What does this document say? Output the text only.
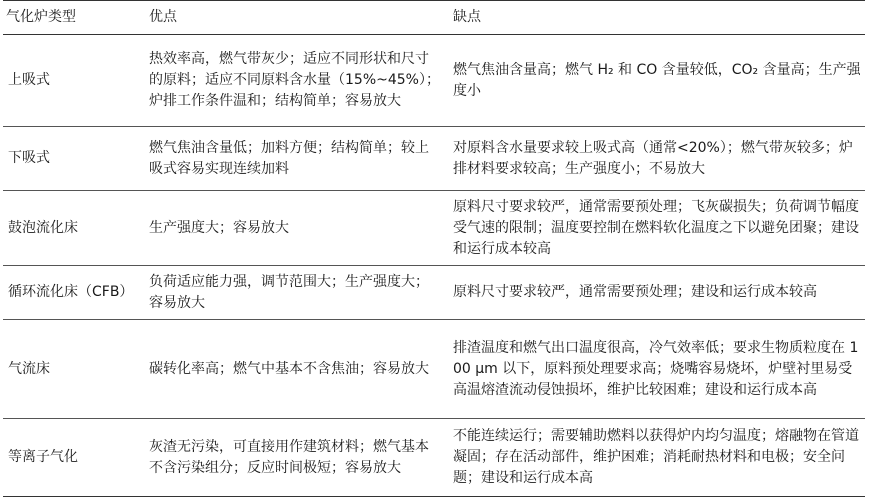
气化炉类型	优点	缺点
上吸式	热效率高，燃气带灰少；适应不同形状和尺寸的原料；适应不同原料含水量（15%~45%）；炉排工作条件温和；结构简单；容易放大	燃气焦油含量高；燃气 H₂ 和 CO 含量较低，CO₂ 含量高；生产强度小
下吸式	燃气焦油含量低；加料方便；结构简单；较上吸式容易实现连续加料	对原料含水量要求较上吸式高（通常<20%）；燃气带灰较多；炉排材料要求较高；生产强度小；不易放大
鼓泡流化床	生产强度大；容易放大	原料尺寸要求较严，通常需要预处理；飞灰碳损失；负荷调节幅度受气速的限制；温度要控制在燃料软化温度之下以避免团聚；建设和运行成本较高
循环流化床（CFB）	负荷适应能力强，调节范围大；生产强度大；容易放大	原料尺寸要求较严，通常需要预处理；建设和运行成本较高
气流床	碳转化率高；燃气中基本不含焦油；容易放大	排渣温度和燃气出口温度很高，冷气效率低；要求生物质粒度在 100 μm 以下，原料预处理要求高；烧嘴容易烧坏，炉壁衬里易受高温熔渣流动侵蚀损坏，维护比较困难；建设和运行成本高
等离子气化	灰渣无污染，可直接用作建筑材料；燃气基本不含污染组分；反应时间极短；容易放大	不能连续运行；需要辅助燃料以获得炉内均匀温度；熔融物在管道凝固；存在活动部件，维护困难；消耗耐热材料和电极；安全问题；建设和运行成本高
